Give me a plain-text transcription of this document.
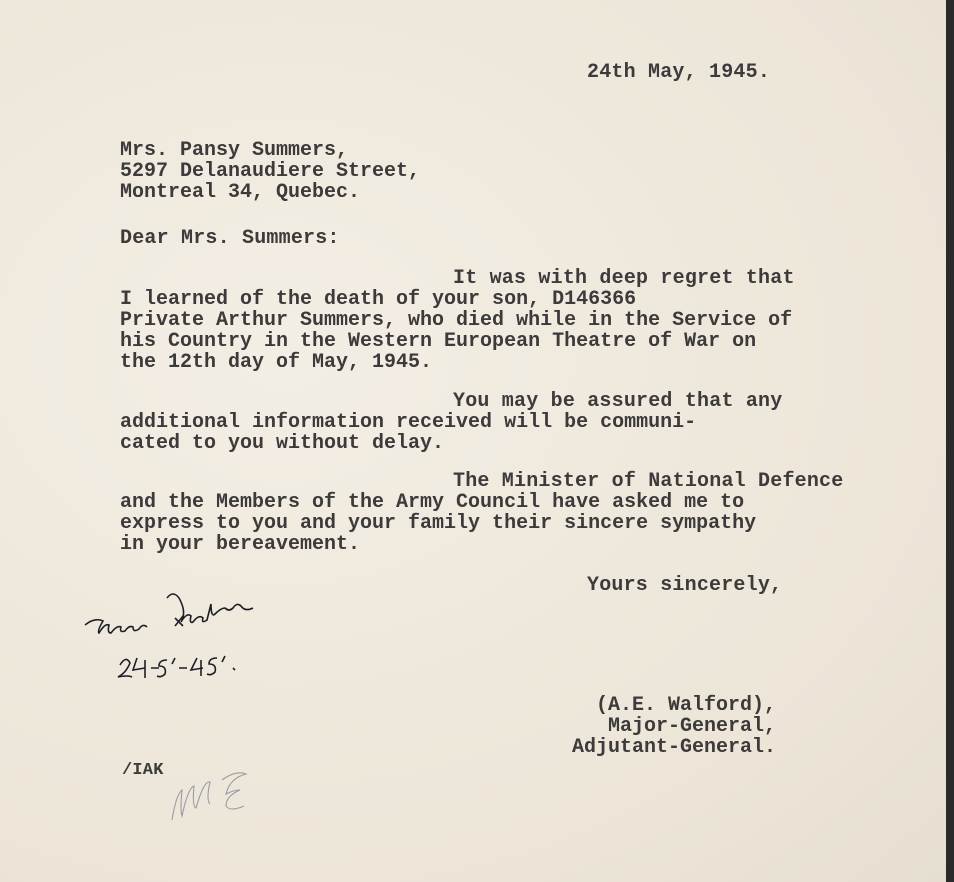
24th May, 1945.
Mrs. Pansy Summers,
5297 Delanaudiere Street,
Montreal 34, Quebec.
Dear Mrs. Summers:
It was with deep regret that
I learned of the death of your son, D146366
Private Arthur Summers, who died while in the Service of
his Country in the Western European Theatre of War on
the 12th day of May, 1945.
You may be assured that any
additional information received will be communi-
cated to you without delay.
The Minister of National Defence
and the Members of the Army Council have asked me to
express to you and your family their sincere sympathy
in your bereavement.
Yours sincerely,
(A.E. Walford),
Major-General,
Adjutant-General.
/IAK
